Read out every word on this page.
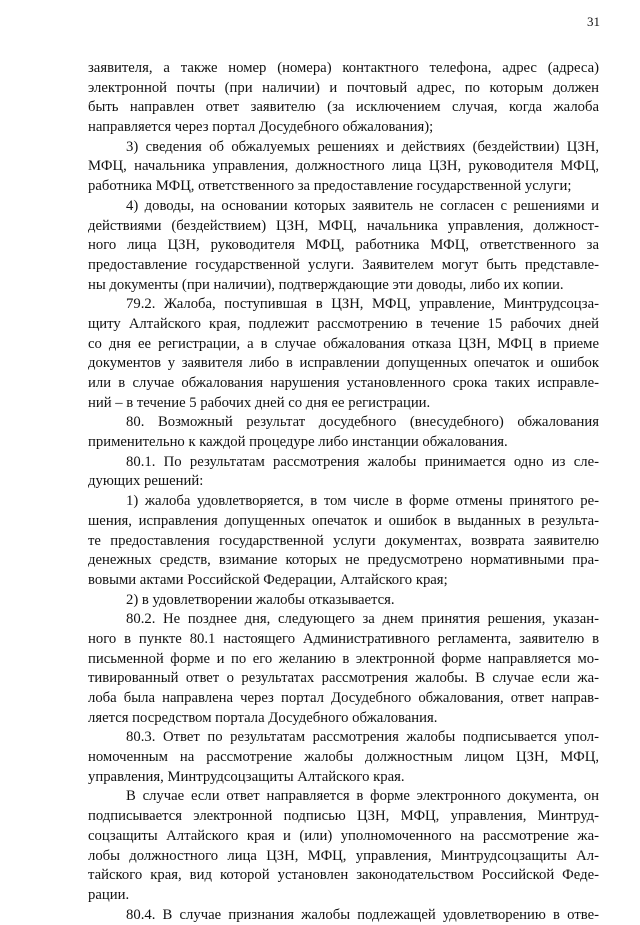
31
заявителя, а также номер (номера) контактного телефона, адрес (адреса)
электронной почты (при наличии) и почтовый адрес, по которым должен
быть направлен ответ заявителю (за исключением случая, когда жалоба
направляется через портал Досудебного обжалования);
3) сведения об обжалуемых решениях и действиях (бездействии) ЦЗН,
МФЦ, начальника управления, должностного лица ЦЗН, руководителя МФЦ,
работника МФЦ, ответственного за предоставление государственной услуги;
4) доводы, на основании которых заявитель не согласен с решениями и
действиями (бездействием) ЦЗН, МФЦ, начальника управления, должност-
ного лица ЦЗН, руководителя МФЦ, работника МФЦ, ответственного за
предоставление государственной услуги. Заявителем могут быть представле-
ны документы (при наличии), подтверждающие эти доводы, либо их копии.
79.2. Жалоба, поступившая в ЦЗН, МФЦ, управление, Минтрудсоцза-
щиту Алтайского края, подлежит рассмотрению в течение 15 рабочих дней
со дня ее регистрации, а в случае обжалования отказа ЦЗН, МФЦ в приеме
документов у заявителя либо в исправлении допущенных опечаток и ошибок
или в случае обжалования нарушения установленного срока таких исправле-
ний – в течение 5 рабочих дней со дня ее регистрации.
80. Возможный результат досудебного (внесудебного) обжалования
применительно к каждой процедуре либо инстанции обжалования.
80.1. По результатам рассмотрения жалобы принимается одно из сле-
дующих решений:
1) жалоба удовлетворяется, в том числе в форме отмены принятого ре-
шения, исправления допущенных опечаток и ошибок в выданных в результа-
те предоставления государственной услуги документах, возврата заявителю
денежных средств, взимание которых не предусмотрено нормативными пра-
вовыми актами Российской Федерации, Алтайского края;
2) в удовлетворении жалобы отказывается.
80.2. Не позднее дня, следующего за днем принятия решения, указан-
ного в пункте 80.1 настоящего Административного регламента, заявителю в
письменной форме и по его желанию в электронной форме направляется мо-
тивированный ответ о результатах рассмотрения жалобы. В случае если жа-
лоба была направлена через портал Досудебного обжалования, ответ направ-
ляется посредством портала Досудебного обжалования.
80.3. Ответ по результатам рассмотрения жалобы подписывается упол-
номоченным на рассмотрение жалобы должностным лицом ЦЗН, МФЦ,
управления, Минтрудсоцзащиты Алтайского края.
В случае если ответ направляется в форме электронного документа, он
подписывается электронной подписью ЦЗН, МФЦ, управления, Минтруд-
соцзащиты Алтайского края и (или) уполномоченного на рассмотрение жа-
лобы должностного лица ЦЗН, МФЦ, управления, Минтрудсоцзащиты Ал-
тайского края, вид которой установлен законодательством Российской Феде-
рации.
80.4. В случае признания жалобы подлежащей удовлетворению в отве-
